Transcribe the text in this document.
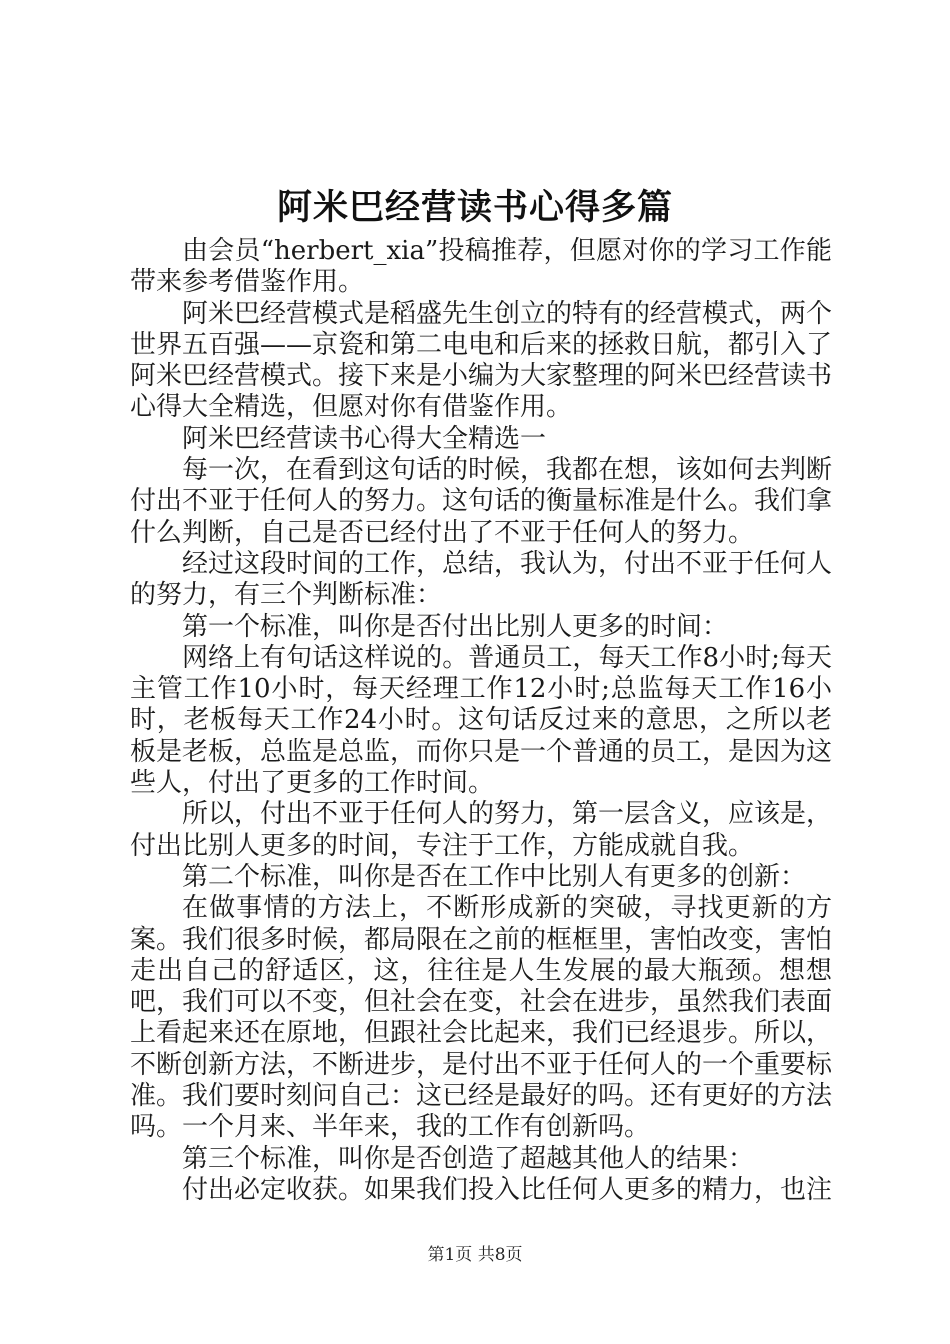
阿米巴经营读书心得多篇

由会员“herbert_xia”投稿推荐，但愿对你的学习工作能带来参考借鉴作用。

阿米巴经营模式是稻盛先生创立的特有的经营模式，两个世界五百强——京瓷和第二电电和后来的拯救日航，都引入了阿米巴经营模式。接下来是小编为大家整理的阿米巴经营读书心得大全精选，但愿对你有借鉴作用。

阿米巴经营读书心得大全精选一

每一次，在看到这句话的时候，我都在想，该如何去判断付出不亚于任何人的努力。这句话的衡量标准是什么。我们拿什么判断，自己是否已经付出了不亚于任何人的努力。

经过这段时间的工作，总结，我认为，付出不亚于任何人的努力，有三个判断标准：

第一个标准，叫你是否付出比别人更多的时间：

网络上有句话这样说的。普通员工，每天工作8小时;每天主管工作10小时，每天经理工作12小时;总监每天工作16小时，老板每天工作24小时。这句话反过来的意思，之所以老板是老板，总监是总监，而你只是一个普通的员工，是因为这些人，付出了更多的工作时间。

所以，付出不亚于任何人的努力，第一层含义，应该是，付出比别人更多的时间，专注于工作，方能成就自我。

第二个标准，叫你是否在工作中比别人有更多的创新：

在做事情的方法上，不断形成新的突破，寻找更新的方案。我们很多时候，都局限在之前的框框里，害怕改变，害怕走出自己的舒适区，这，往往是人生发展的最大瓶颈。想想吧，我们可以不变，但社会在变，社会在进步，虽然我们表面上看起来还在原地，但跟社会比起来，我们已经退步。所以，不断创新方法，不断进步，是付出不亚于任何人的一个重要标准。我们要时刻问自己：这已经是最好的吗。还有更好的方法吗。一个月来、半年来，我的工作有创新吗。

第三个标准，叫你是否创造了超越其他人的结果：

付出必定收获。如果我们投入比任何人更多的精力，也注

第1页 共8页
